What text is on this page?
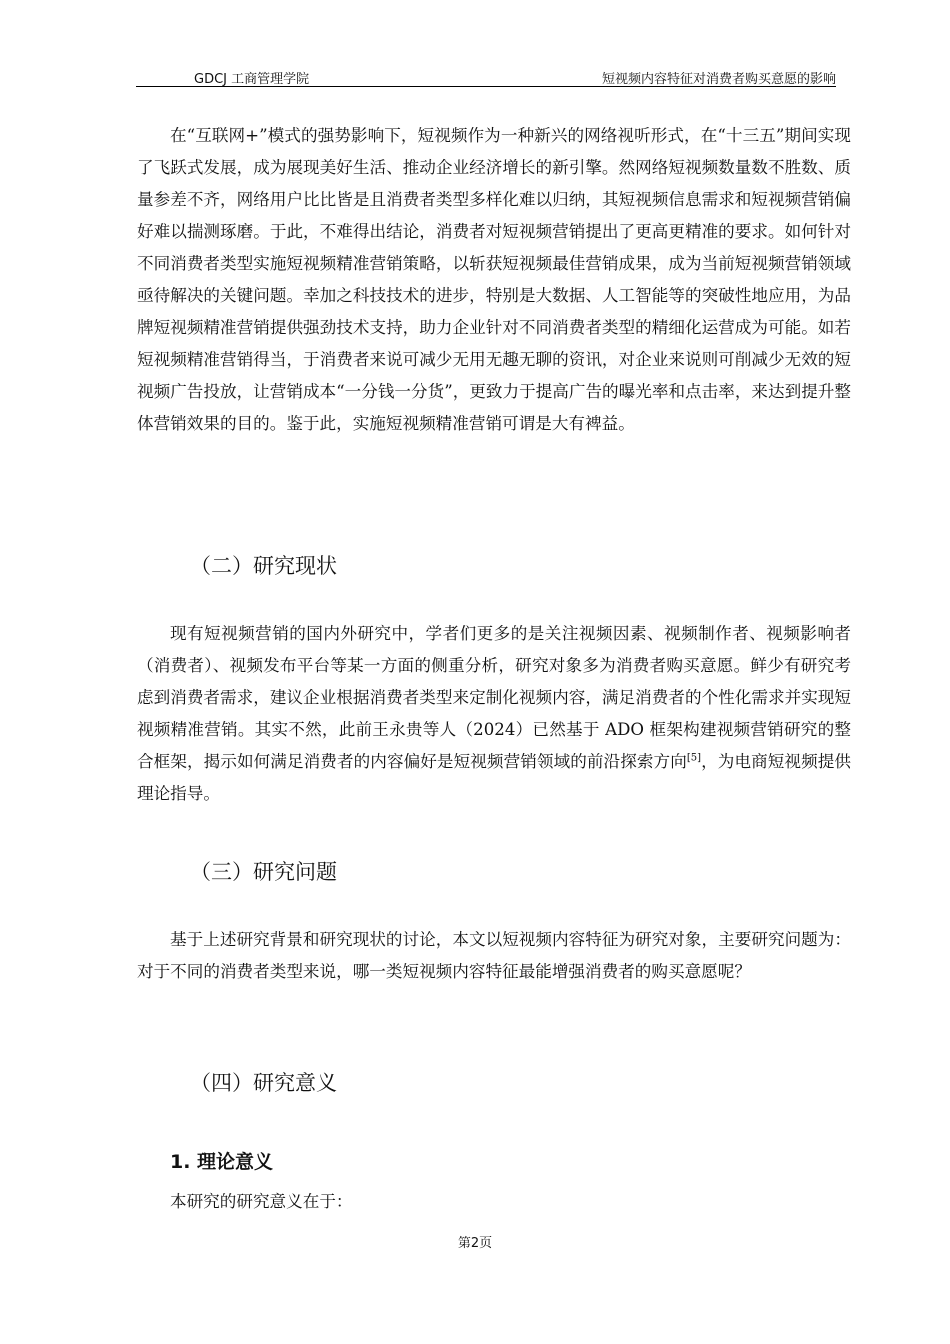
GDCJ 工商管理学院	短视频内容特征对消费者购买意愿的影响

在“互联网+”模式的强势影响下，短视频作为一种新兴的网络视听形式，在“十三五”期间实现了飞跃式发展，成为展现美好生活、推动企业经济增长的新引擎。然网络短视频数量数不胜数、质量参差不齐，网络用户比比皆是且消费者类型多样化难以归纳，其短视频信息需求和短视频营销偏好难以揣测琢磨。于此，不难得出结论，消费者对短视频营销提出了更高更精准的要求。如何针对不同消费者类型实施短视频精准营销策略，以斩获短视频最佳营销成果，成为当前短视频营销领域亟待解决的关键问题。幸加之科技技术的进步，特别是大数据、人工智能等的突破性地应用，为品牌短视频精准营销提供强劲技术支持，助力企业针对不同消费者类型的精细化运营成为可能。如若短视频精准营销得当，于消费者来说可减少无用无趣无聊的资讯，对企业来说则可削减少无效的短视频广告投放，让营销成本“一分钱一分货”，更致力于提高广告的曝光率和点击率，来达到提升整体营销效果的目的。鉴于此，实施短视频精准营销可谓是大有裨益。

（二）研究现状

现有短视频营销的国内外研究中，学者们更多的是关注视频因素、视频制作者、视频影响者（消费者）、视频发布平台等某一方面的侧重分析，研究对象多为消费者购买意愿。鲜少有研究考虑到消费者需求，建议企业根据消费者类型来定制化视频内容，满足消费者的个性化需求并实现短视频精准营销。其实不然，此前王永贵等人（2024）已然基于 ADO 框架构建视频营销研究的整合框架，揭示如何满足消费者的内容偏好是短视频营销领域的前沿探索方向[5]，为电商短视频提供理论指导。

（三）研究问题

基于上述研究背景和研究现状的讨论，本文以短视频内容特征为研究对象，主要研究问题为：对于不同的消费者类型来说，哪一类短视频内容特征最能增强消费者的购买意愿呢？

（四）研究意义
1. 理论意义

本研究的研究意义在于：

第2页
